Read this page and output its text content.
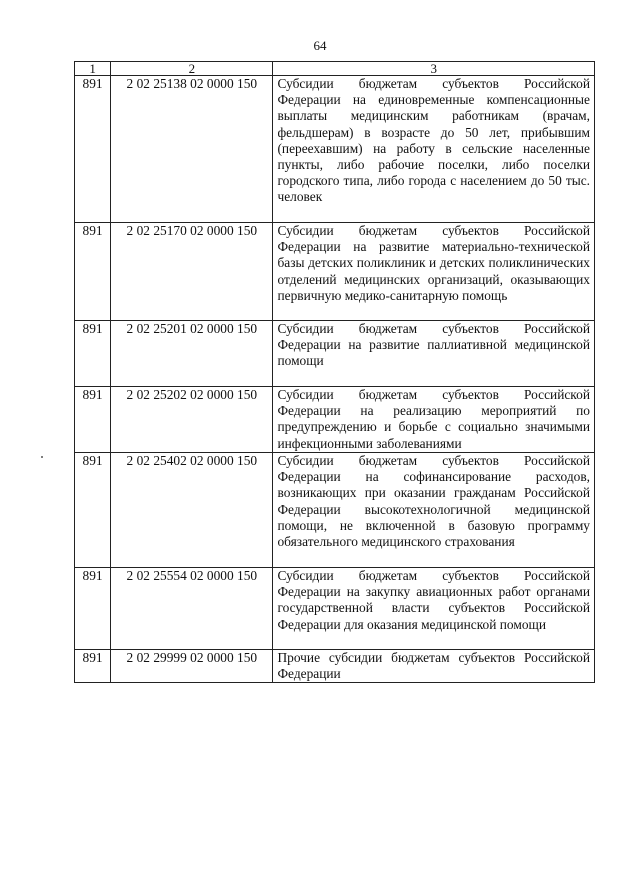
64
1	2	3
891	2 02 25138 02 0000 150	Субсидии бюджетам субъектов Российской Федерации на единовременные компенсационные выплаты медицинским работникам (врачам, фельдшерам) в возрасте до 50 лет, прибывшим (переехавшим) на работу в сельские населенные пункты, либо рабочие поселки, либо поселки городского типа, либо города с населением до 50 тыс. человек
891	2 02 25170 02 0000 150	Субсидии бюджетам субъектов Российской Федерации на развитие материально-технической базы детских поликлиник и детских поликлинических отделений медицинских организаций, оказывающих первичную медико-санитарную помощь
891	2 02 25201 02 0000 150	Субсидии бюджетам субъектов Российской Федерации на развитие паллиативной медицинской помощи
891	2 02 25202 02 0000 150	Субсидии бюджетам субъектов Российской Федерации на реализацию мероприятий по предупреждению и борьбе с социально значимыми инфекционными заболеваниями
891	2 02 25402 02 0000 150	Субсидии бюджетам субъектов Российской Федерации на софинансирование расходов, возникающих при оказании гражданам Российской Федерации высокотехнологичной медицинской помощи, не включенной в базовую программу обязательного медицинского страхования
891	2 02 25554 02 0000 150	Субсидии бюджетам субъектов Российской Федерации на закупку авиационных работ органами государственной власти субъектов Российской Федерации для оказания медицинской помощи
891	2 02 29999 02 0000 150	Прочие субсидии бюджетам субъектов Российской Федерации
